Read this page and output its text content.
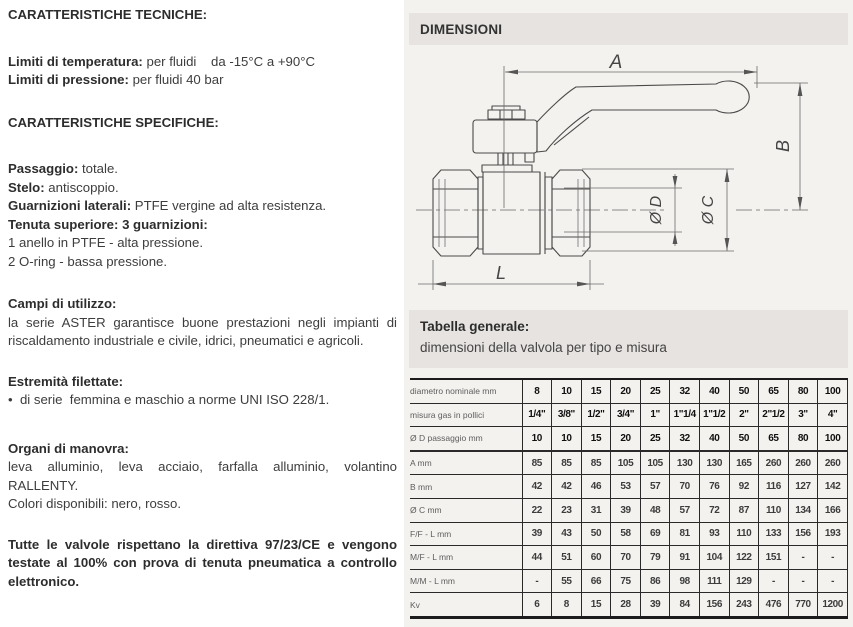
CARATTERISTICHE TECNICHE:
Limiti di temperatura: per fluidi    da -15°C a +90°C
Limiti di pressione: per fluidi 40 bar
CARATTERISTICHE SPECIFICHE:
Passaggio: totale.
Stelo: antiscoppio.
Guarnizioni laterali: PTFE vergine ad alta resistenza.
Tenuta superiore: 3 guarnizioni:
1 anello in PTFE - alta pressione.
2 O-ring - bassa pressione.
Campi di utilizzo:
la serie ASTER garantisce buone prestazioni negli impianti di riscaldamento industriale e civile, idrici, pneumatici e agricoli.
Estremità filettate:
•  di serie  femmina e maschio a norme UNI ISO 228/1.
Organi di manovra:
leva alluminio, leva acciaio, farfalla alluminio, volantino RALLENTY.
Colori disponibili: nero, rosso.
Tutte le valvole rispettano la direttiva 97/23/CE e vengono testate al 100% con prova di tenuta pneumatica a controllo elettronico.
DIMENSIONI
A
B
Ø D Ø C
L
Tabella generale:
dimensioni della valvola per tipo e misura
diametro nominale mm	8	10	15	20	25	32	40	50	65	80	100
misura gas in pollici	1/4"	3/8"	1/2"	3/4"	1"	1"1/4	1"1/2	2"	2"1/2	3"	4"
Ø D passaggio mm	10	10	15	20	25	32	40	50	65	80	100
A mm	85	85	85	105	105	130	130	165	260	260	260
B mm	42	42	46	53	57	70	76	92	116	127	142
Ø C mm	22	23	31	39	48	57	72	87	110	134	166
F/F - L mm	39	43	50	58	69	81	93	110	133	156	193
M/F - L mm	44	51	60	70	79	91	104	122	151	-	-
M/M - L mm	-	55	66	75	86	98	111	129	-	-	-
Kv	6	8	15	28	39	84	156	243	476	770	1200
